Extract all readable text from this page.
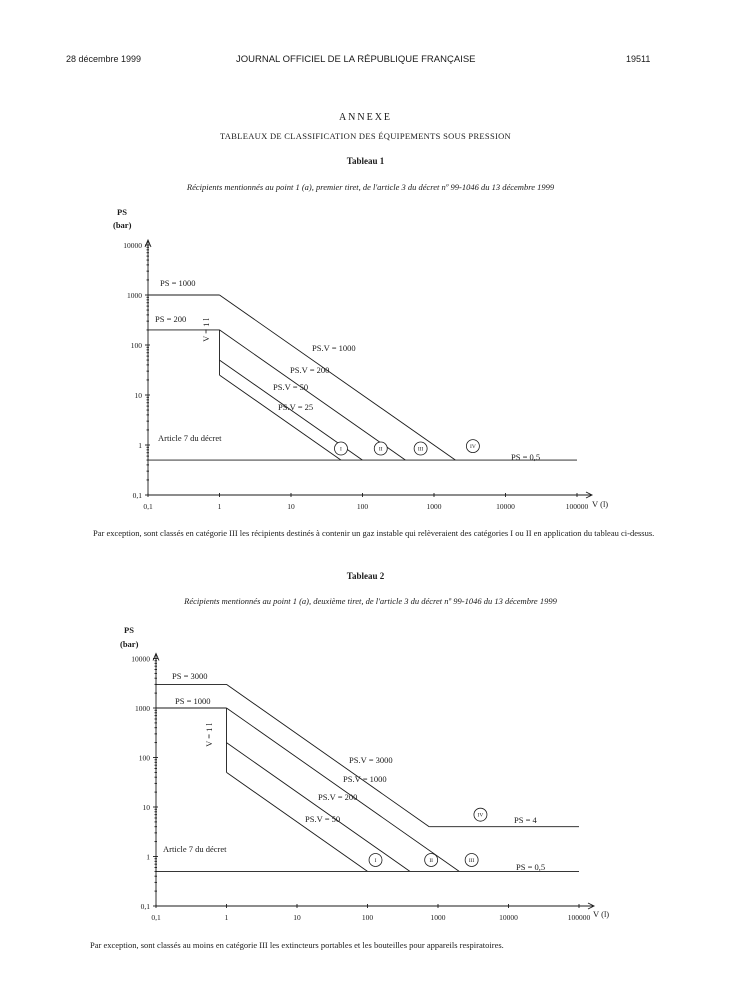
28 décembre 1999	JOURNAL OFFICIEL DE LA RÉPUBLIQUE FRANÇAISE	19511
ANNEXE
TABLEAUX DE CLASSIFICATION DES ÉQUIPEMENTS SOUS PRESSION
Tableau 1
Récipients mentionnés au point 1 (a), premier tiret, de l'article 3 du décret nº 99-1046 du 13 décembre 1999
0,1	1	10	100	1000	10000	100000
0,1
1
10
100
1000
10000
PS
(bar)
V (l)
PS = 1000
PS = 200
PS.V = 1000
PS.V = 200
PS.V = 50
PS.V = 25
Article 7 du décret
PS = 0,5
V = 1 l
I	II	III	IV
Par exception, sont classés en catégorie III les récipients destinés à contenir un gaz instable qui relèveraient des catégories I ou II en application du tableau ci-dessus.
Tableau 2
Récipients mentionnés au point 1 (a), deuxième tiret, de l'article 3 du décret nº 99-1046 du 13 décembre 1999
0,1	1	10	100	1000	10000	100000
0,1
1
10
100
1000
10000
PS
(bar)
V (l)
PS = 3000
PS = 1000
PS.V = 3000
PS.V = 1000
PS.V = 200
PS.V = 50
Article 7 du décret
PS = 0,5
PS = 4
V = 1 l
I	II	III
IV
Par exception, sont classés au moins en catégorie III les extincteurs portables et les bouteilles pour appareils respiratoires.
